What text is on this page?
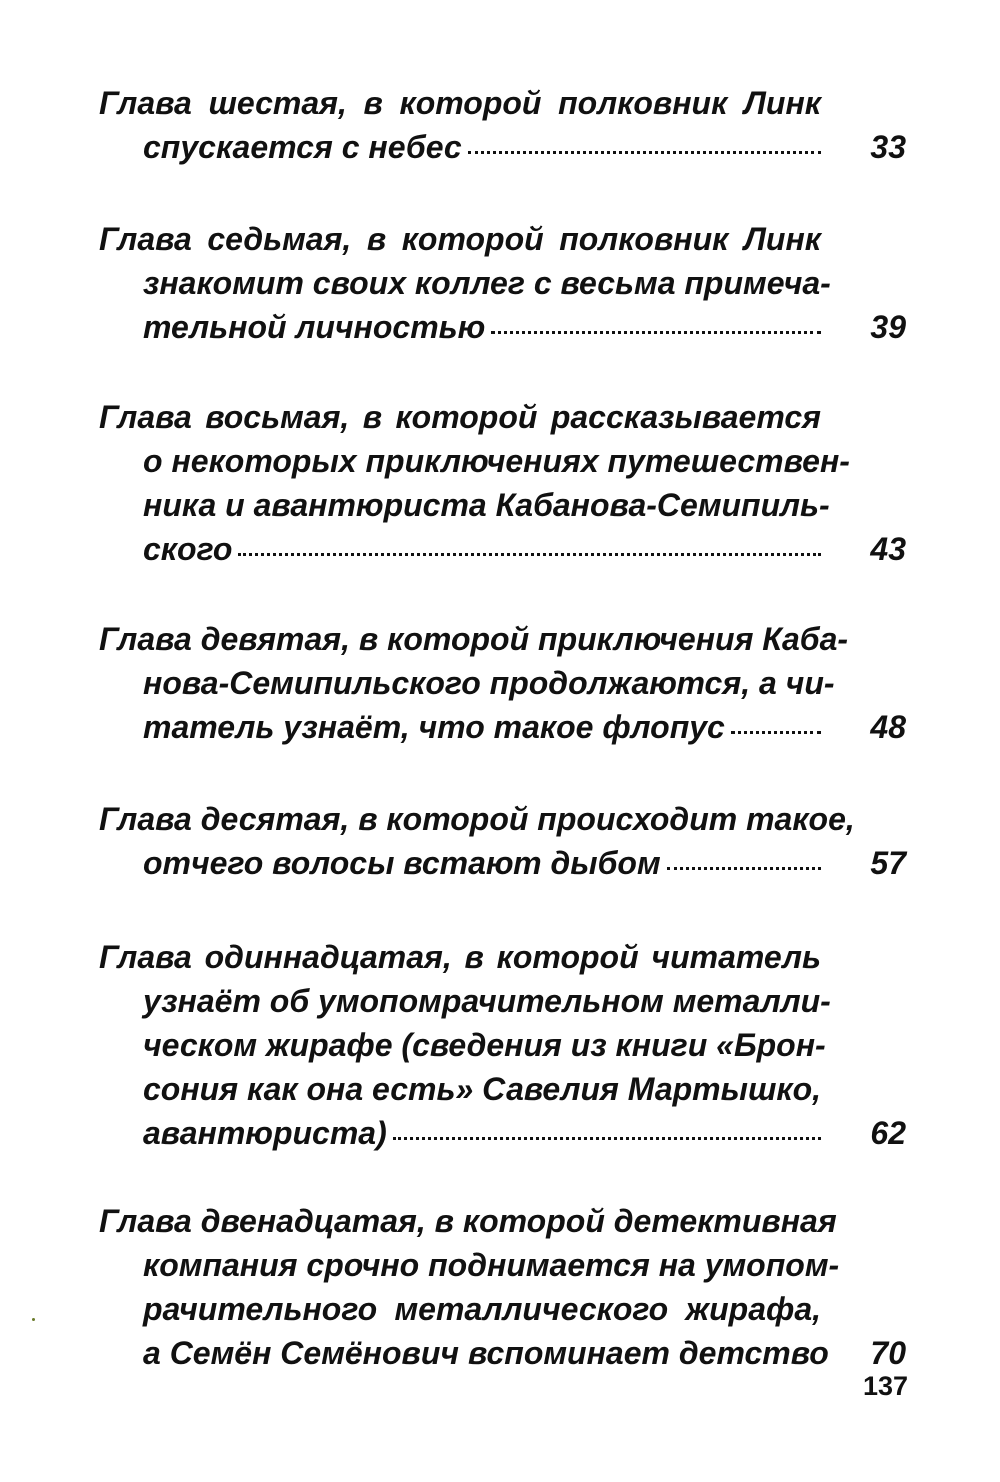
Глава шестая, в которой полковник Линк
спускается с небес	33
Глава седьмая, в которой полковник Линк
знакомит своих коллег с весьма примеча-
тельной личностью	39
Глава восьмая, в которой рассказывается
о некоторых приключениях путешествен-
ника и авантюриста Кабанова-Семипиль-
ского	43
Глава девятая, в которой приключения Каба-
нова-Семипильского продолжаются, а чи-
татель узнаёт, что такое флопус	48
Глава десятая, в которой происходит такое,
отчего волосы встают дыбом	57
Глава одиннадцатая, в которой читатель
узнаёт об умопомрачительном металли-
ческом жирафе (сведения из книги «Брон-
сония как она есть» Савелия Мартышко,
авантюриста)	62
Глава двенадцатая, в которой детективная
компания срочно поднимается на умопом-
рачительного металлического жирафа,
а Семён Семёнович вспоминает детство	70
137
